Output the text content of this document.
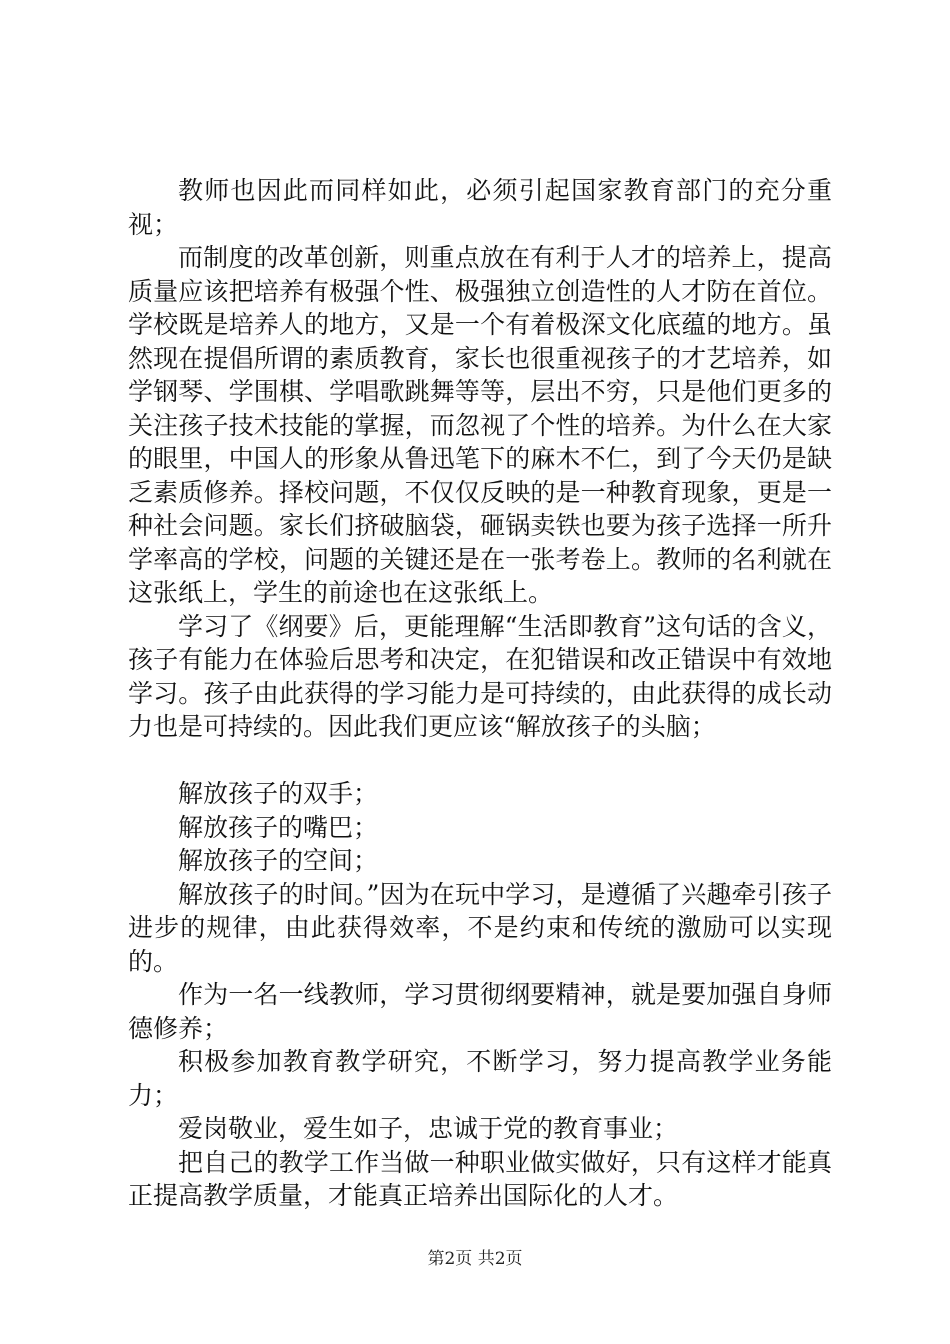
教师也因此而同样如此，必须引起国家教育部门的充分重视；

而制度的改革创新，则重点放在有利于人才的培养上，提高质量应该把培养有极强个性、极强独立创造性的人才防在首位。学校既是培养人的地方，又是一个有着极深文化底蕴的地方。虽然现在提倡所谓的素质教育，家长也很重视孩子的才艺培养，如学钢琴、学围棋、学唱歌跳舞等等，层出不穷，只是他们更多的关注孩子技术技能的掌握，而忽视了个性的培养。为什么在大家的眼里，中国人的形象从鲁迅笔下的麻木不仁，到了今天仍是缺乏素质修养。择校问题，不仅仅反映的是一种教育现象，更是一种社会问题。家长们挤破脑袋，砸锅卖铁也要为孩子选择一所升学率高的学校，问题的关键还是在一张考卷上。教师的名利就在这张纸上，学生的前途也在这张纸上。

学习了《纲要》后，更能理解“生活即教育”这句话的含义，孩子有能力在体验后思考和决定，在犯错误和改正错误中有效地学习。孩子由此获得的学习能力是可持续的，由此获得的成长动力也是可持续的。因此我们更应该“解放孩子的头脑；

解放孩子的双手；

解放孩子的嘴巴；

解放孩子的空间；

解放孩子的时间。”因为在玩中学习，是遵循了兴趣牵引孩子进步的规律，由此获得效率，不是约束和传统的激励可以实现的。

作为一名一线教师，学习贯彻纲要精神，就是要加强自身师德修养；

积极参加教育教学研究，不断学习，努力提高教学业务能力；

爱岗敬业，爱生如子，忠诚于党的教育事业；

把自己的教学工作当做一种职业做实做好，只有这样才能真正提高教学质量，才能真正培养出国际化的人才。

第2页 共2页
